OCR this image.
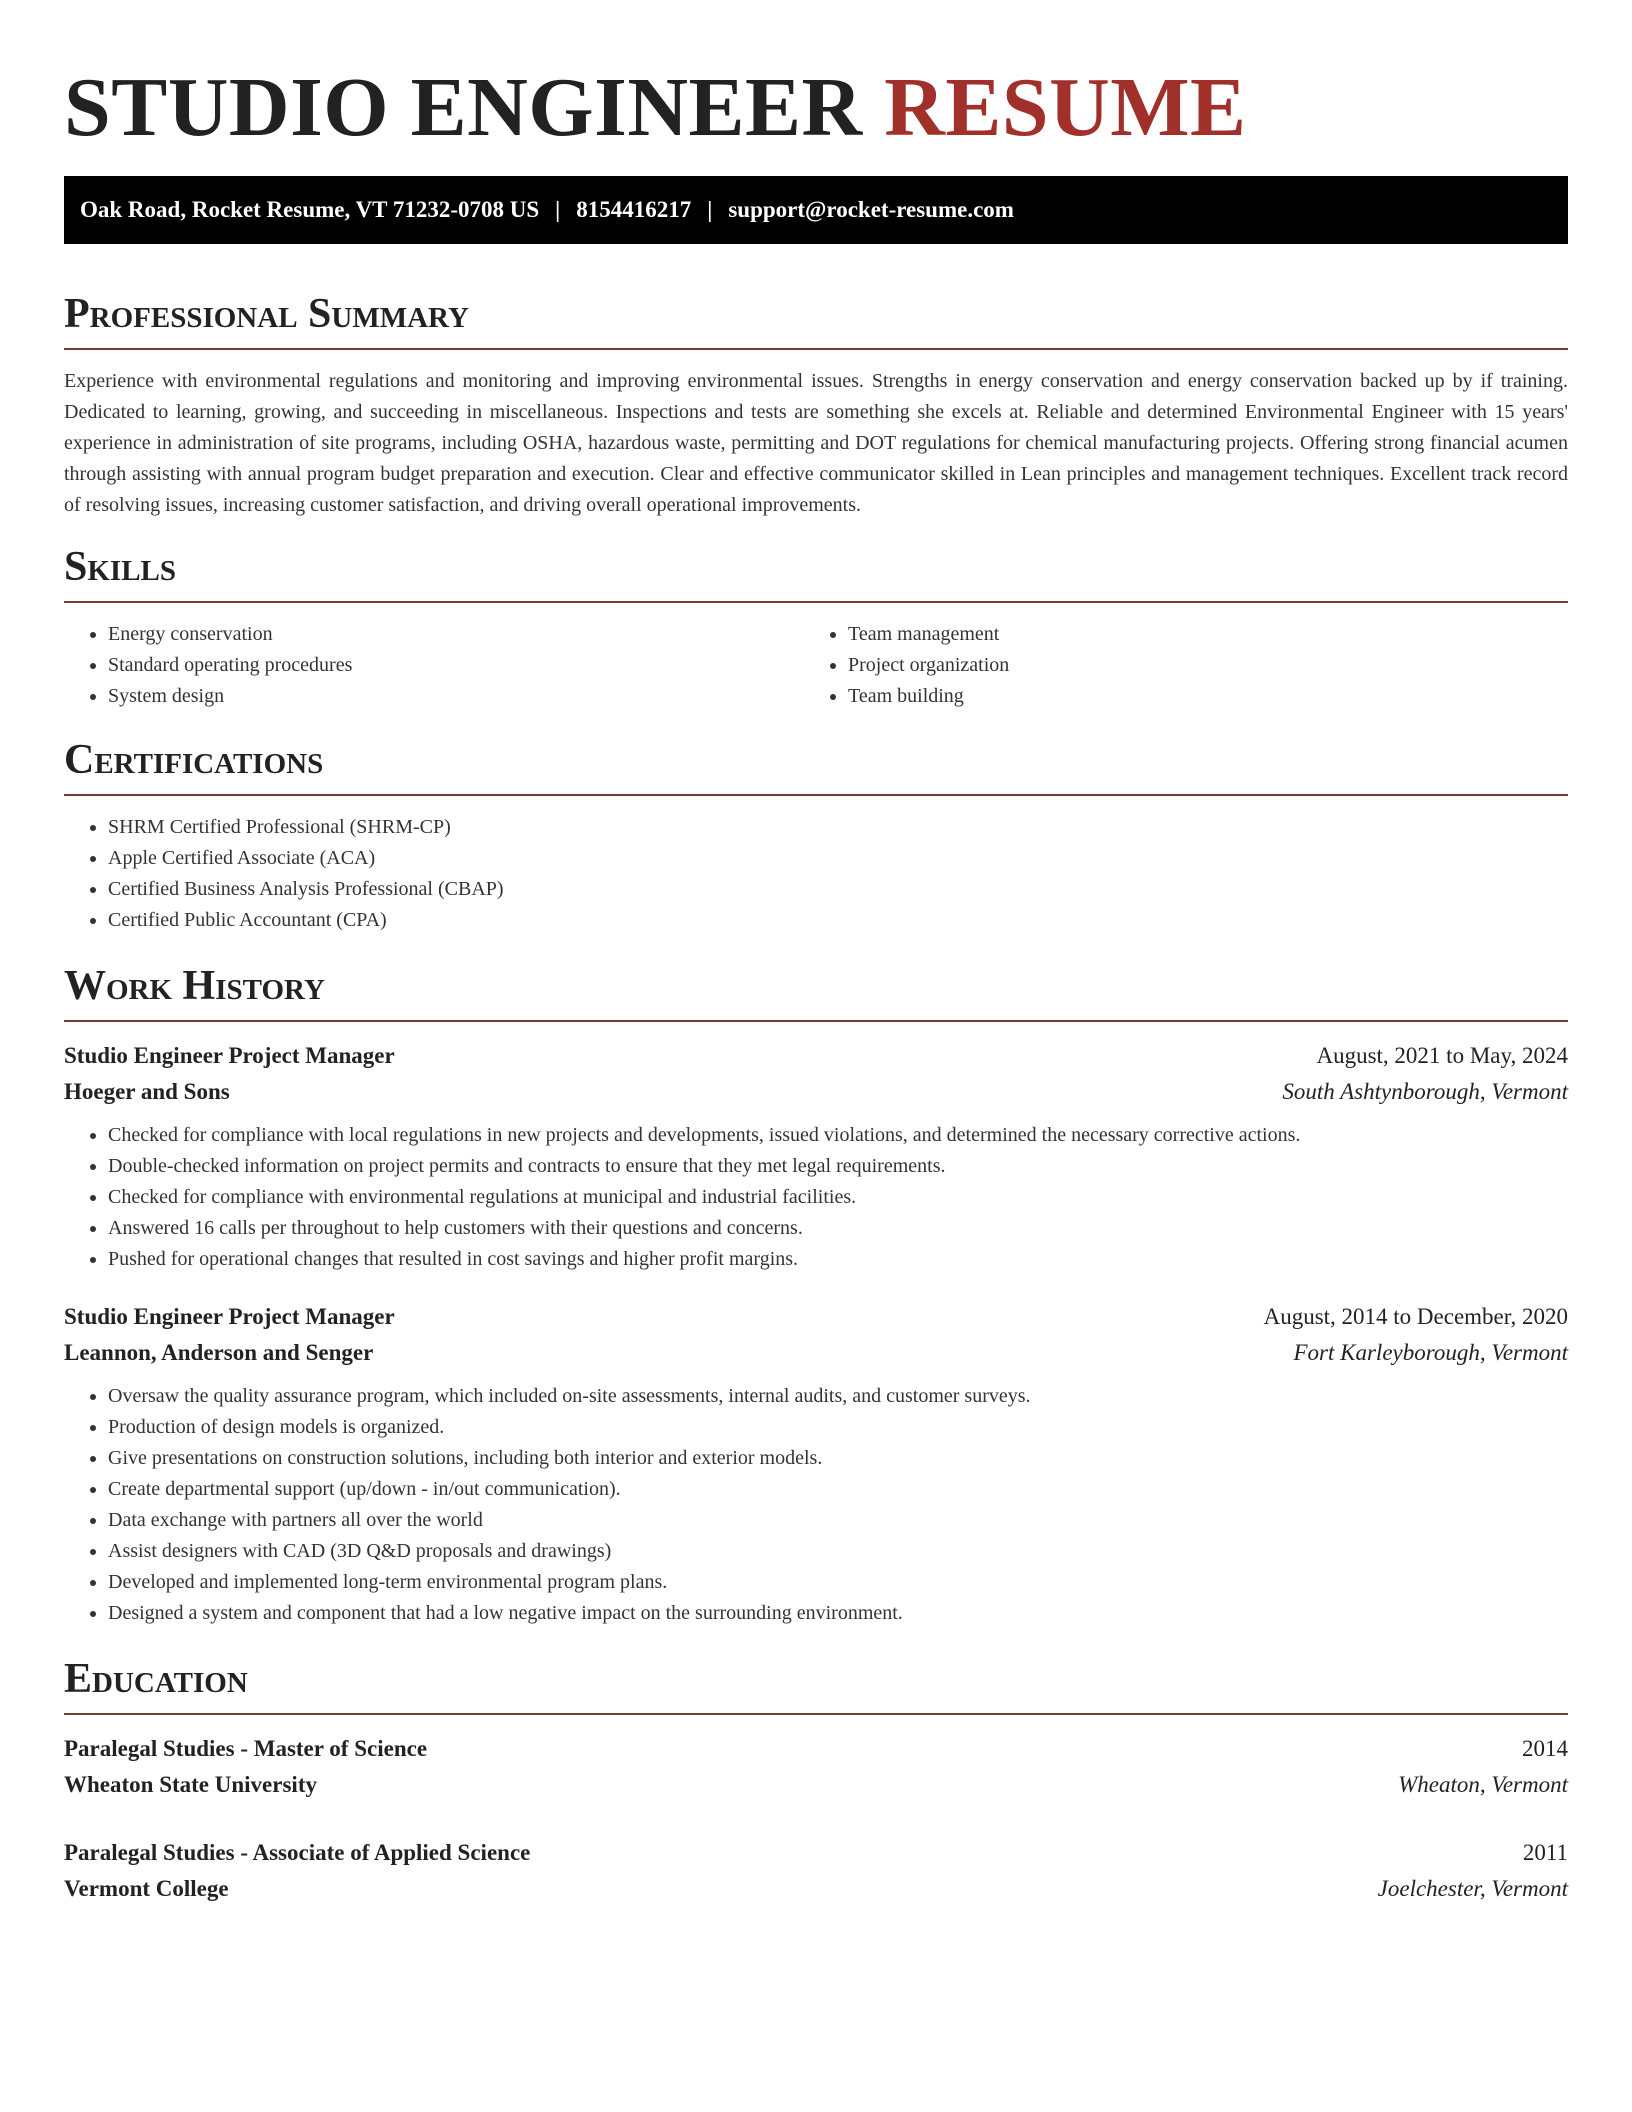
STUDIO ENGINEER RESUME
Oak Road, Rocket Resume, VT 71232-0708 US | 8154416217 | support@rocket-resume.com
Professional Summary
Experience with environmental regulations and monitoring and improving environmental issues. Strengths in energy conservation and energy conservation backed up by if training. Dedicated to learning, growing, and succeeding in miscellaneous. Inspections and tests are something she excels at. Reliable and determined Environmental Engineer with 15 years' experience in administration of site programs, including OSHA, hazardous waste, permitting and DOT regulations for chemical manufacturing projects. Offering strong financial acumen through assisting with annual program budget preparation and execution. Clear and effective communicator skilled in Lean principles and management techniques. Excellent track record of resolving issues, increasing customer satisfaction, and driving overall operational improvements.
Skills
• Energy conservation
• Standard operating procedures
• System design
• Team management
• Project organization
• Team building
Certifications
• SHRM Certified Professional (SHRM-CP)
• Apple Certified Associate (ACA)
• Certified Business Analysis Professional (CBAP)
• Certified Public Accountant (CPA)
Work History
Studio Engineer Project Manager	August, 2021 to May, 2024
Hoeger and Sons	South Ashtynborough, Vermont
• Checked for compliance with local regulations in new projects and developments, issued violations, and determined the necessary corrective actions.
• Double-checked information on project permits and contracts to ensure that they met legal requirements.
• Checked for compliance with environmental regulations at municipal and industrial facilities.
• Answered 16 calls per throughout to help customers with their questions and concerns.
• Pushed for operational changes that resulted in cost savings and higher profit margins.
Studio Engineer Project Manager	August, 2014 to December, 2020
Leannon, Anderson and Senger	Fort Karleyborough, Vermont
• Oversaw the quality assurance program, which included on-site assessments, internal audits, and customer surveys.
• Production of design models is organized.
• Give presentations on construction solutions, including both interior and exterior models.
• Create departmental support (up/down - in/out communication).
• Data exchange with partners all over the world
• Assist designers with CAD (3D Q&D proposals and drawings)
• Developed and implemented long-term environmental program plans.
• Designed a system and component that had a low negative impact on the surrounding environment.
Education
Paralegal Studies - Master of Science	2014
Wheaton State University	Wheaton, Vermont
Paralegal Studies - Associate of Applied Science	2011
Vermont College	Joelchester, Vermont
